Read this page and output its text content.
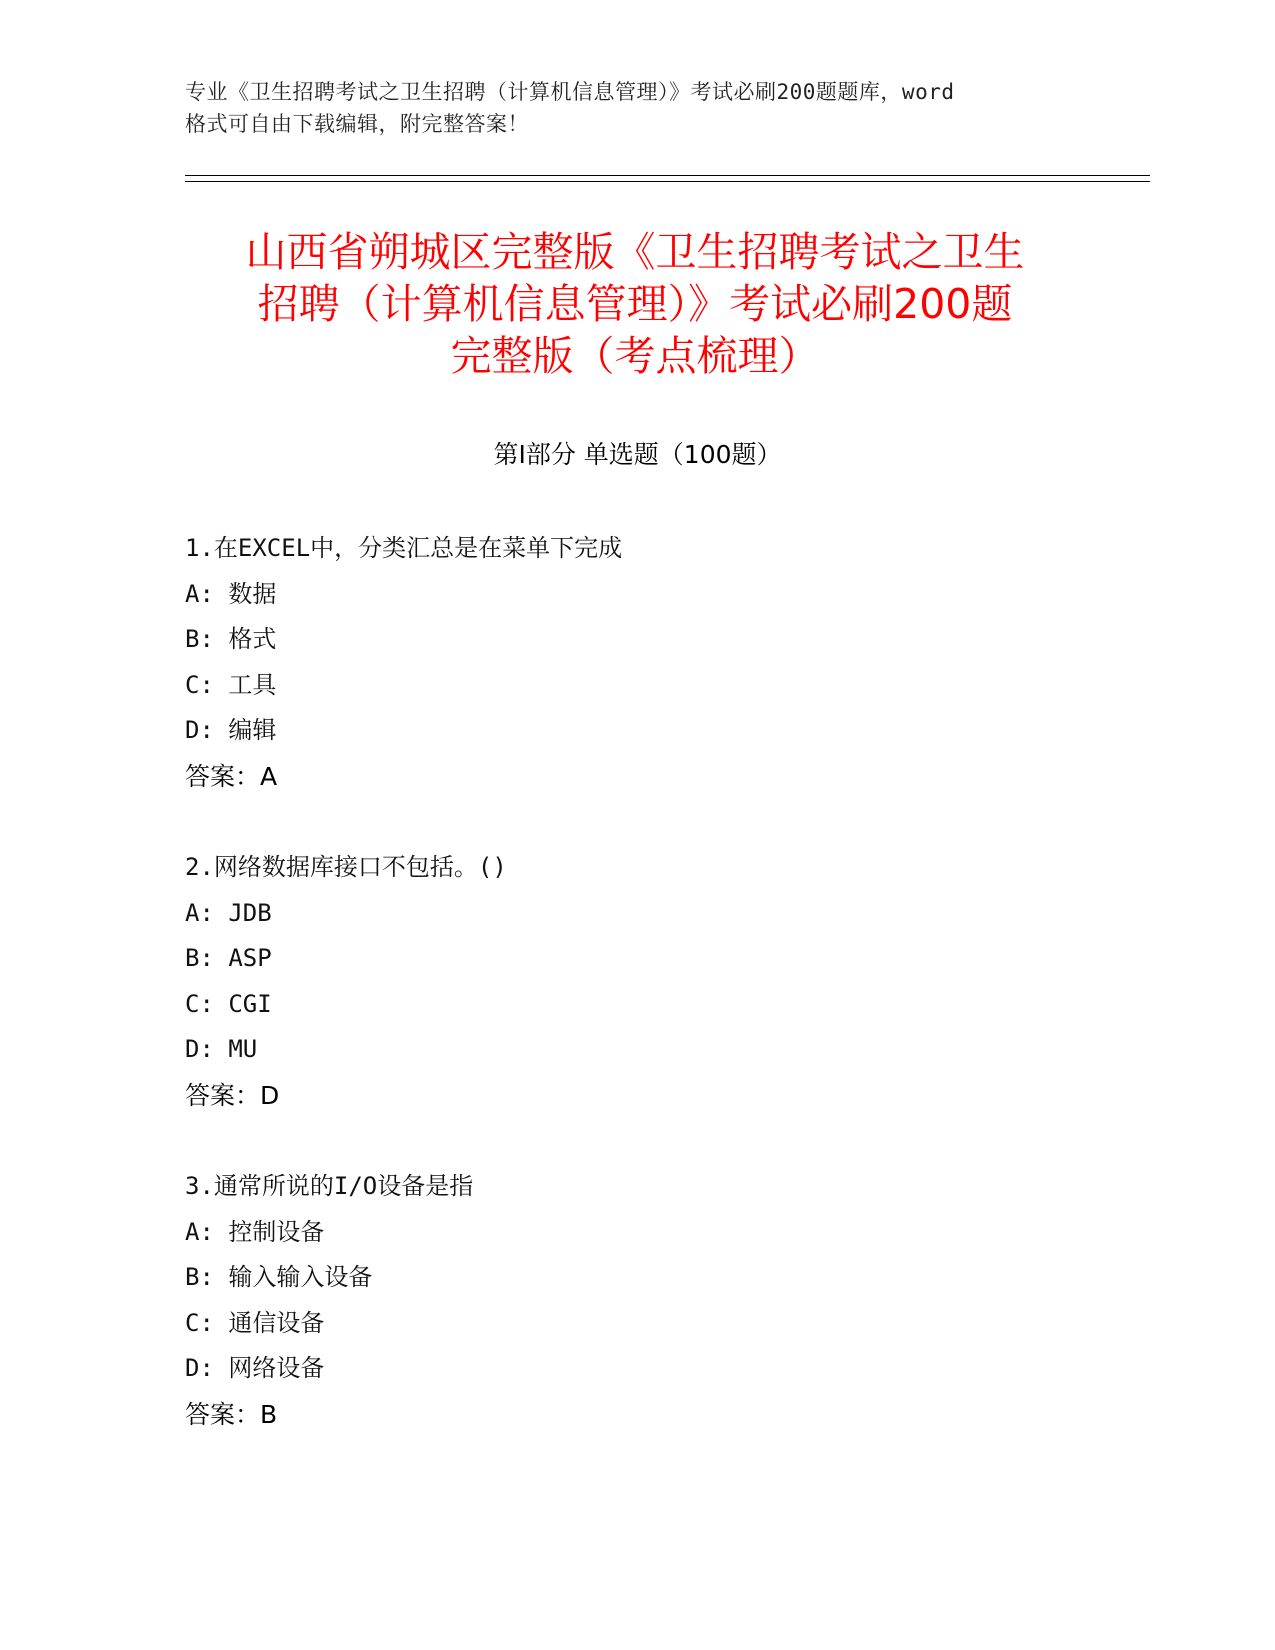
专业《卫生招聘考试之卫生招聘（计算机信息管理）》考试必刷200题题库，word
格式可自由下载编辑，附完整答案！
山西省朔城区完整版《卫生招聘考试之卫生
招聘（计算机信息管理）》考试必刷200题
完整版（考点梳理）
第Ⅰ部分 单选题（100题）
1.在EXCEL中，分类汇总是在菜单下完成
A: 数据
B: 格式
C: 工具
D: 编辑
答案：A
2.网络数据库接口不包括。()
A: JDB
B: ASP
C: CGI
D: MU
答案：D
3.通常所说的I/O设备是指
A: 控制设备
B: 输入输入设备
C: 通信设备
D: 网络设备
答案：B
